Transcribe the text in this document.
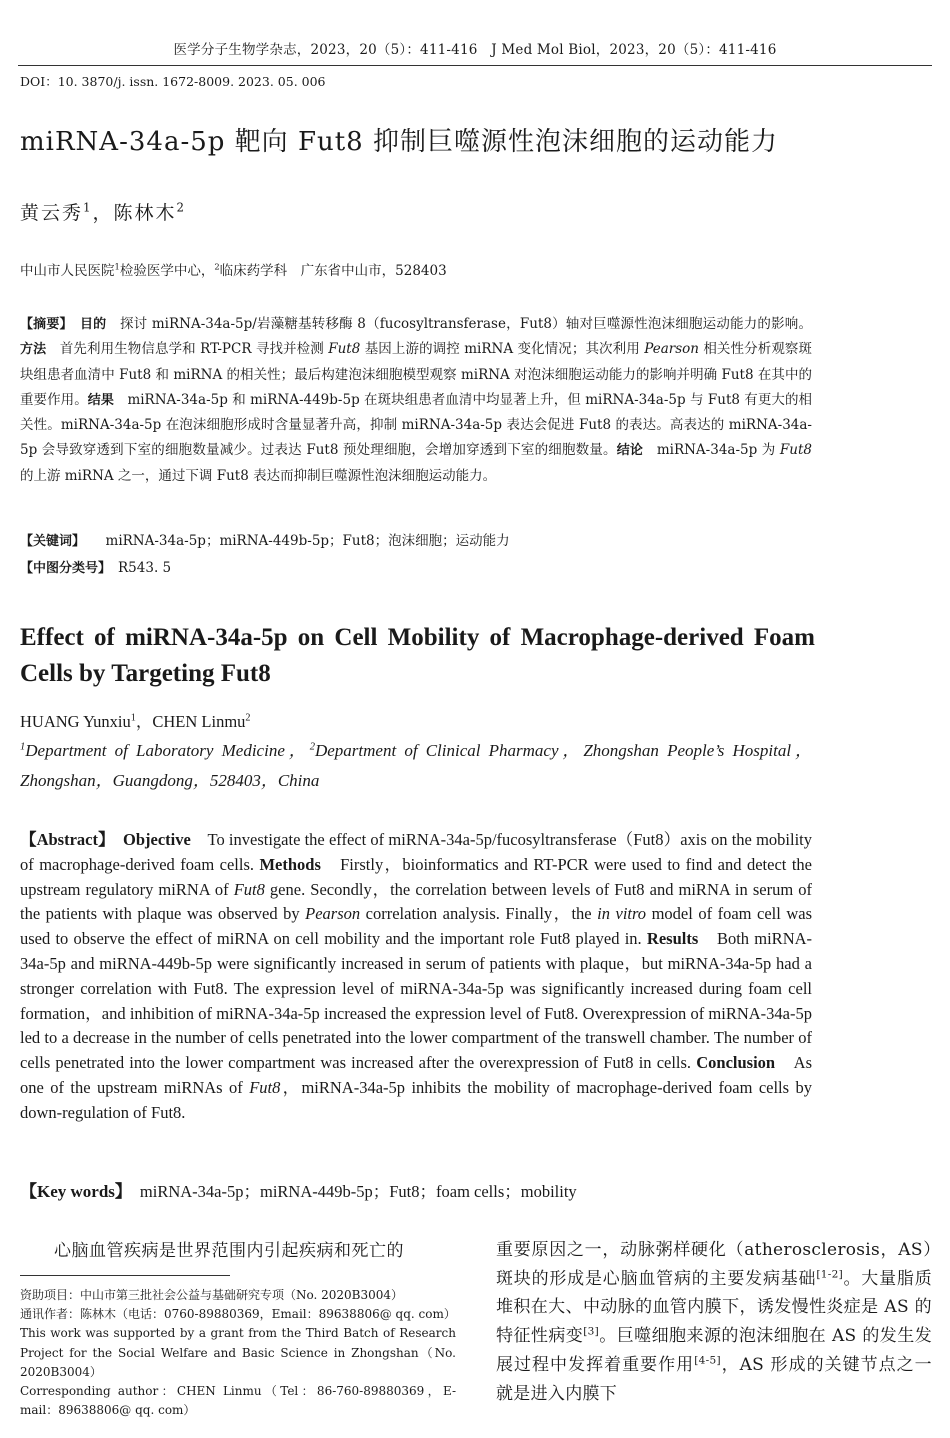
医学分子生物学杂志，2023，20（5）：411-416　J Med Mol Biol，2023，20（5）：411-416
DOI：10. 3870/j. issn. 1672-8009. 2023. 05. 006
miRNA-34a-5p 靶向 Fut8 抑制巨噬源性泡沫细胞的运动能力
黄云秀$^1$，陈林木$^2$
中山市人民医院$^1$检验医学中心，$^2$临床药学科　广东省中山市，528403
【摘要】　 目的　 探讨 miRNA-34a-5p/岩藻糖基转移酶 8（fucosyltransferase，Fut8）轴对巨噬源性泡沫细胞运动能力的影响。方法　 首先利用生物信息学和 RT-PCR 寻找并检测 Fut8 基因上游的调控 miRNA 变化情况；其次利用 Pearson 相关性分析观察斑块组患者血清中 Fut8 和 miRNA 的相关性；最后构建泡沫细胞模型观察 miRNA 对泡沫细胞运动能力的影响并明确 Fut8 在其中的重要作用。结果　 miRNA-34a-5p 和 miRNA-449b-5p 在斑块组患者血清中均显著上升，但 miRNA-34a-5p 与 Fut8 有更大的相关性。miRNA-34a-5p 在泡沫细胞形成时含量显著升高，抑制 miRNA-34a-5p 表达会促进 Fut8 的表达。高表达的 miRNA-34a-5p 会导致穿透到下室的细胞数量减少。过表达 Fut8 预处理细胞，会增加穿透到下室的细胞数量。结论　 miRNA-34a-5p 为 Fut8 的上游 miRNA 之一，通过下调 Fut8 表达而抑制巨噬源性泡沫细胞运动能力。
【关键词】　　 miRNA-34a-5p；miRNA-449b-5p；Fut8；泡沫细胞；运动能力
【中图分类号】　 R543. 5
Effect of miRNA-34a-5p on Cell Mobility of Macrophage-derived Foam Cells by Targeting Fut8
HUANG Yunxiu$^1$，CHEN Linmu$^2$
$^1$Department of Laboratory Medicine，$^2$Department of Clinical Pharmacy，Zhongshan People’s Hospital，Zhongshan，Guangdong，528403，China
【Abstract】　 Objective　 To investigate the effect of miRNA-34a-5p/fucosyltransferase（Fut8）axis on the mobility of macrophage-derived foam cells. Methods　 Firstly，bioinformatics and RT-PCR were used to find and detect the upstream regulatory miRNA of Fut8 gene. Secondly，the correlation between levels of Fut8 and miRNA in serum of the patients with plaque was observed by Pearson correlation analysis. Finally，the in vitro model of foam cell was used to observe the effect of miRNA on cell mobility and the important role Fut8 played in. Results　 Both miRNA-34a-5p and miRNA-449b-5p were significantly increased in serum of patients with plaque，but miRNA-34a-5p had a stronger correlation with Fut8. The expression level of miRNA-34a-5p was significantly increased during foam cell formation，and inhibition of miRNA-34a-5p increased the expression level of Fut8. Overexpression of miRNA-34a-5p led to a decrease in the number of cells penetrated into the lower compartment of the transwell chamber. The number of cells penetrated into the lower compartment was increased after the overexpression of Fut8 in cells. Conclusion　 As one of the upstream miRNAs of Fut8，miRNA-34a-5p inhibits the mobility of macrophage-derived foam cells by down-regulation of Fut8.
【Key words】　 miRNA-34a-5p；miRNA-449b-5p；Fut8；foam cells；mobility
心脑血管疾病是世界范围内引起疾病和死亡的
资助项目：中山市第三批社会公益与基础研究专项（No. 2020B3004）
通讯作者：陈林木（电话：0760-89880369，Email：89638806@ qq. com）
This work was supported by a grant from the Third Batch of Research Project for the Social Welfare and Basic Science in Zhongshan（No. 2020B3004）
Corresponding author：CHEN Linmu（Tel：86-760-89880369，E-mail：89638806@ qq. com）
重要原因之一，动脉粥样硬化（atherosclerosis，AS）斑块的形成是心脑血管病的主要发病基础[1-2]。大量脂质堆积在大、中动脉的血管内膜下，诱发慢性炎症是 AS 的特征性病变[3]。巨噬细胞来源的泡沫细胞在 AS 的发生发展过程中发挥着重要作用[4-5]，AS 形成的关键节点之一就是进入内膜下
